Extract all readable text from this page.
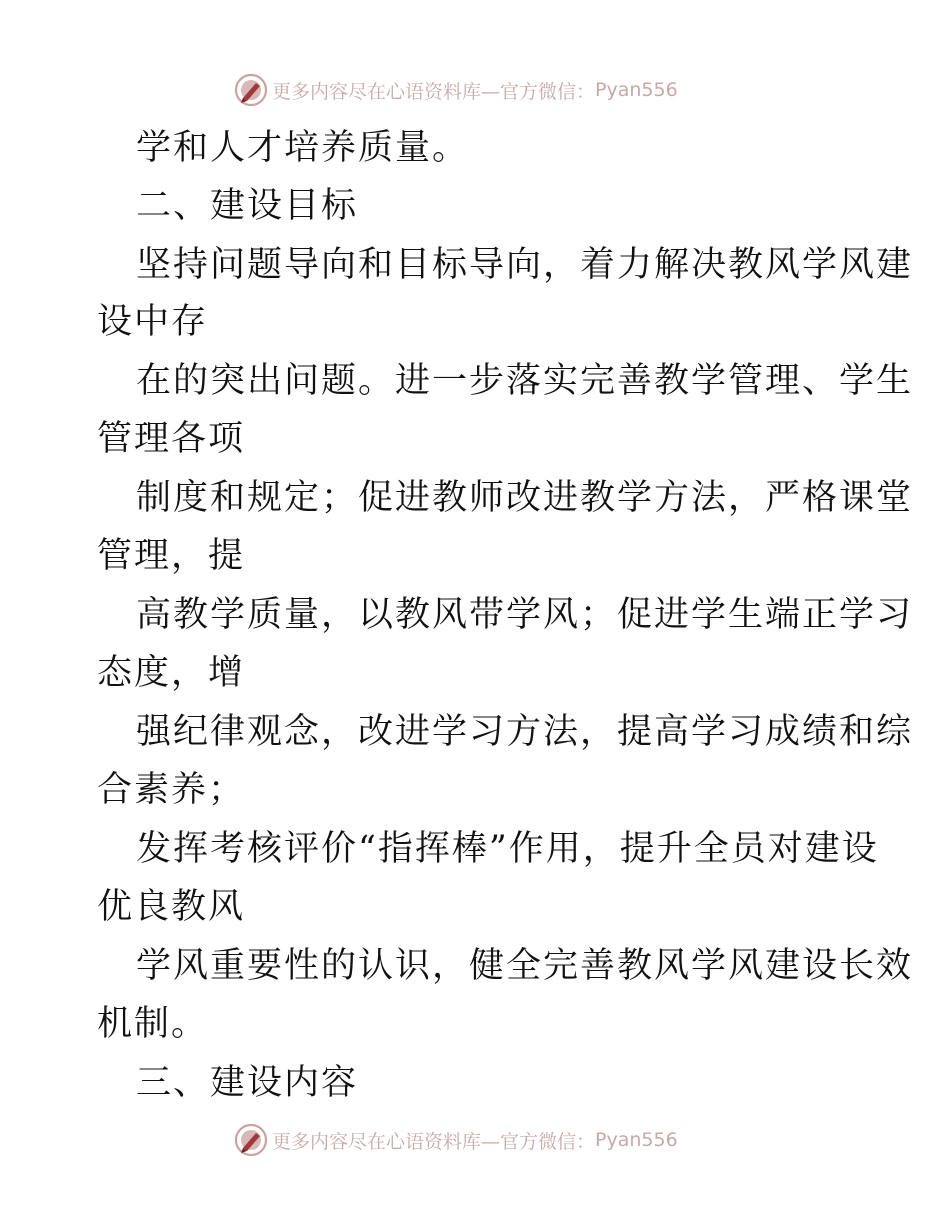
更多内容尽在心语资料库—官方微信： Pyan556
学和人才培养质量。
二、建设目标
坚持问题导向和目标导向，着力解决教风学风建
设中存
在的突出问题。进一步落实完善教学管理、学生
管理各项
制度和规定；促进教师改进教学方法，严格课堂
管理，提
高教学质量，以教风带学风；促进学生端正学习
态度，增
强纪律观念，改进学习方法，提高学习成绩和综
合素养；
发挥考核评价“指挥棒”作用，提升全员对建设
优良教风
学风重要性的认识，健全完善教风学风建设长效
机制。
三、建设内容
更多内容尽在心语资料库—官方微信： Pyan556
